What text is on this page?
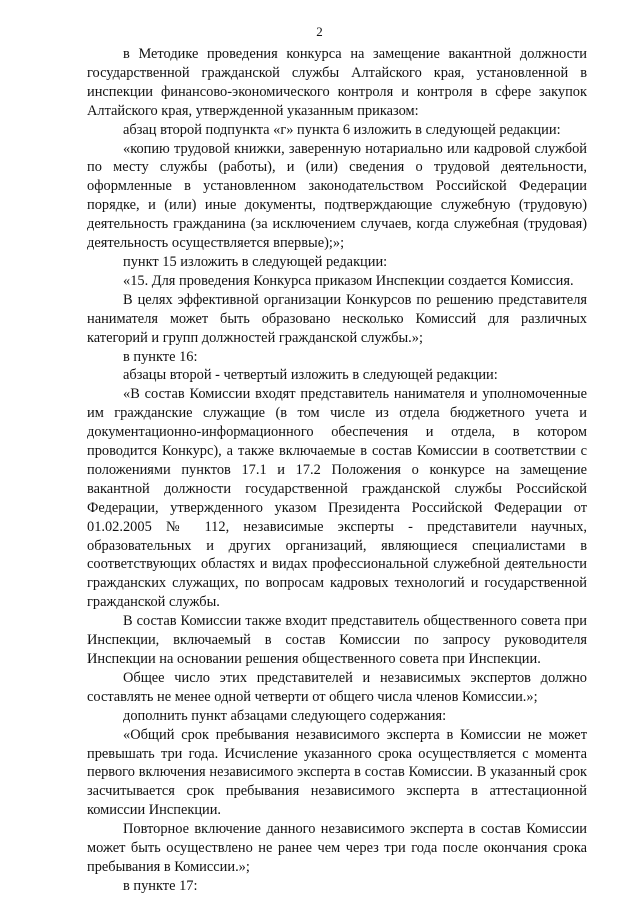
2

в Методике проведения конкурса на замещение вакантной должности государственной гражданской службы Алтайского края, установленной в инспекции финансово-экономического контроля и контроля в сфере закупок Алтайского края, утвержденной указанным приказом:

абзац второй подпункта «г» пункта 6 изложить в следующей редакции:

«копию трудовой книжки, заверенную нотариально или кадровой службой по месту службы (работы), и (или) сведения о трудовой деятельности, оформленные в установленном законодательством Российской Федерации порядке, и (или) иные документы, подтверждающие служебную (трудовую) деятельность гражданина (за исключением случаев, когда служебная (трудовая) деятельность осуществляется впервые);»;

пункт 15 изложить в следующей редакции:

«15. Для проведения Конкурса приказом Инспекции создается Комиссия.

В целях эффективной организации Конкурсов по решению представителя нанимателя может быть образовано несколько Комиссий для различных категорий и групп должностей гражданской службы.»;

в пункте 16:

абзацы второй - четвертый изложить в следующей редакции:

«В состав Комиссии входят представитель нанимателя и уполномоченные им гражданские служащие (в том числе из отдела бюджетного учета и документационно-информационного обеспечения и отдела, в котором проводится Конкурс), а также включаемые в состав Комиссии в соответствии с положениями пунктов 17.1 и 17.2 Положения о конкурсе на замещение вакантной должности государственной гражданской службы Российской Федерации, утвержденного указом Президента Российской Федерации от 01.02.2005 № 112, независимые эксперты - представители научных, образовательных и других организаций, являющиеся специалистами в соответствующих областях и видах профессиональной служебной деятельности гражданских служащих, по вопросам кадровых технологий и государственной гражданской службы.

В состав Комиссии также входит представитель общественного совета при Инспекции, включаемый в состав Комиссии по запросу руководителя Инспекции на основании решения общественного совета при Инспекции.

Общее число этих представителей и независимых экспертов должно составлять не менее одной четверти от общего числа членов Комиссии.»;

дополнить пункт абзацами следующего содержания:

«Общий срок пребывания независимого эксперта в Комиссии не может превышать три года. Исчисление указанного срока осуществляется с момента первого включения независимого эксперта в состав Комиссии. В указанный срок засчитывается срок пребывания независимого эксперта в аттестационной комиссии Инспекции.

Повторное включение данного независимого эксперта в состав Комиссии может быть осуществлено не ранее чем через три года после окончания срока пребывания в Комиссии.»;

в пункте 17:
